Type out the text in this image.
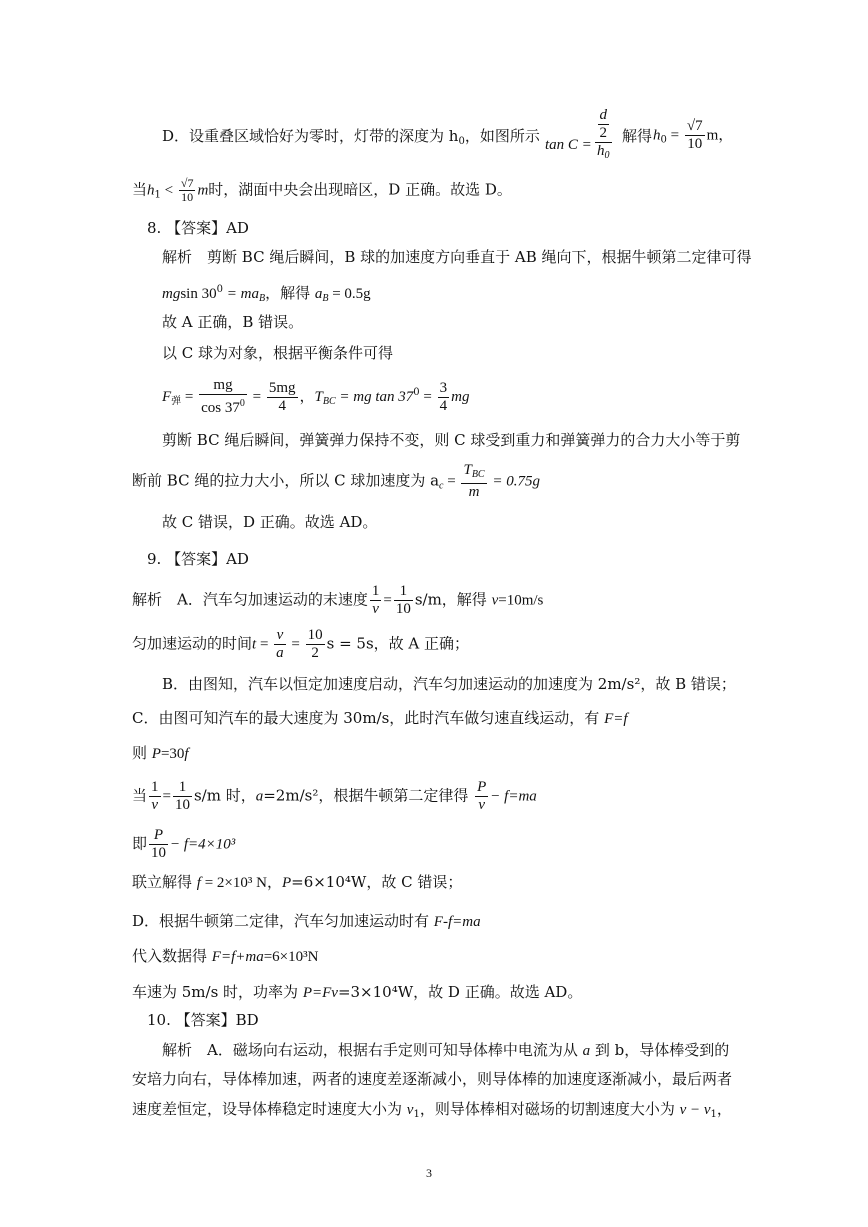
D．设重叠区域恰好为零时，灯带的深度为 $h_0$，如图所示 $\tan C = \frac{\frac{d}{2}}{h_0}$ 解得 $h_0 = \frac{√7}{10}$ m，
当$h_1 < \frac{√7}{10}$ m时，湖面中央会出现暗区，D 正确。故选 D。
8. 【答案】AD
解析　剪断 BC 绳后瞬间，B 球的加速度方向垂直于 AB 绳向下，根据牛顿第二定律可得
mgsin $30^0 = ma_B$，解得 $a_B = 0.5g$
故 A 正确，B 错误。
以 C 球为对象，根据平衡条件可得
$F_弹 = \frac{mg}{\cos 37^0} = \frac{5mg}{4}$ ，$T_{BC}$ = mg $\tan 37^0 = \frac{3}{4}$ mg
剪断 BC 绳后瞬间，弹簧弹力保持不变，则 C 球受到重力和弹簧弹力的合力大小等于剪
断前 BC 绳的拉力大小，所以 C 球加速度为 $a_c = \frac{T_{BC}}{m} = 0.75g$
故 C 错误，D 正确。故选 AD。
9. 【答案】AD
解析　A．汽车匀加速运动的末速度 $\frac{1}{v} = \frac{1}{10} s/m$，解得 v=10m/s
匀加速运动的时间$t = \frac{v}{a} = \frac{10}{2}$ s = 5s，故 A 正确；
B．由图知，汽车以恒定加速度启动，汽车匀加速运动的加速度为 2m/s²，故 B 错误；
C．由图可知汽车的最大速度为 30m/s，此时汽车做匀速直线运动，有 F=f
则 P=30f
当 $\frac{1}{v} = \frac{1}{10} s/m$ 时，a=2m/s²，根据牛顿第二定律得 $\frac{P}{v} - f=ma$
即 $\frac{P}{10} - f=4\times 10^3$
联立解得 f = 2×10³ N，P=6×10⁴W，故 C 错误；
D．根据牛顿第二定律，汽车匀加速运动时有 F-f=ma
代入数据得 F=f+ma=6×10³N
车速为 5m/s 时，功率为 P=Fv=3×10⁴W，故 D 正确。故选 AD。
10. 【答案】BD
解析　A．磁场向右运动，根据右手定则可知导体棒中电流为从 a 到 b，导体棒受到的
安培力向右，导体棒加速，两者的速度差逐渐减小，则导体棒的加速度逐渐减小，最后两者
速度差恒定，设导体棒稳定时速度大小为 $v_1$，则导体棒相对磁场的切割速度大小为 $v - v_1$，
3
